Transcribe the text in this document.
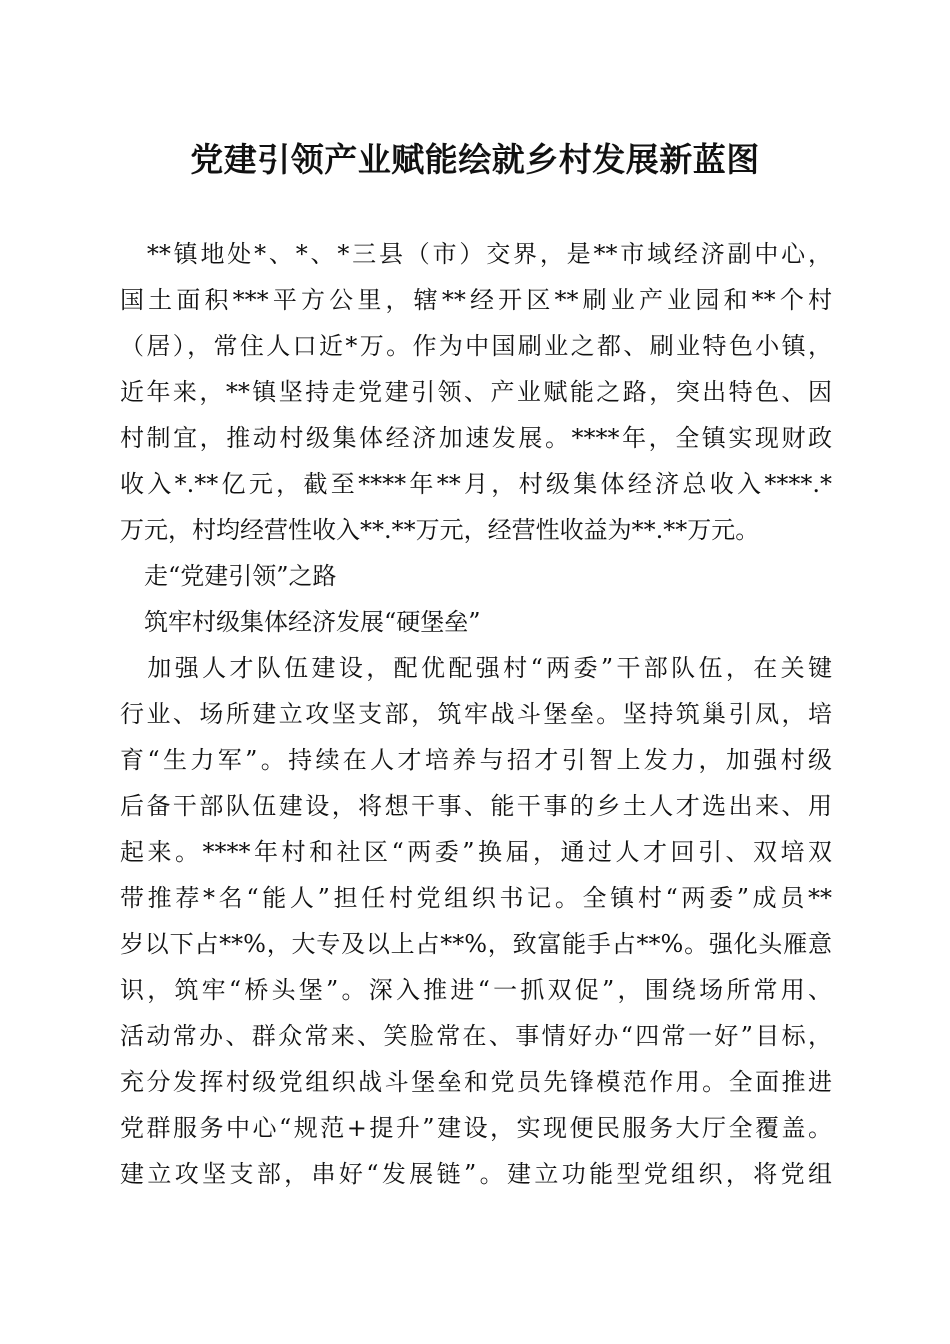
党建引领产业赋能绘就乡村发展新蓝图
　**镇地处*、*、*三县（市）交界，是**市域经济副中心，
国土面积***平方公里，辖**经开区**刷业产业园和**个村
（居），常住人口近*万。作为中国刷业之都、刷业特色小镇，
近年来，**镇坚持走党建引领、产业赋能之路，突出特色、因
村制宜，推动村级集体经济加速发展。****年，全镇实现财政
收入*.**亿元，截至****年**月，村级集体经济总收入****.*
万元，村均经营性收入**.**万元，经营性收益为**.**万元。
　走“党建引领”之路
　筑牢村级集体经济发展“硬堡垒”
　加强人才队伍建设，配优配强村“两委”干部队伍，在关键
行业、场所建立攻坚支部，筑牢战斗堡垒。坚持筑巢引凤，培
育“生力军”。持续在人才培养与招才引智上发力，加强村级
后备干部队伍建设，将想干事、能干事的乡土人才选出来、用
起来。****年村和社区“两委”换届，通过人才回引、双培双
带推荐*名“能人”担任村党组织书记。全镇村“两委”成员**
岁以下占**%，大专及以上占**%，致富能手占**%。强化头雁意
识，筑牢“桥头堡”。深入推进“一抓双促”，围绕场所常用、
活动常办、群众常来、笑脸常在、事情好办“四常一好”目标，
充分发挥村级党组织战斗堡垒和党员先锋模范作用。全面推进
党群服务中心“规范+提升”建设，实现便民服务大厅全覆盖。
建立攻坚支部，串好“发展链”。建立功能型党组织，将党组
